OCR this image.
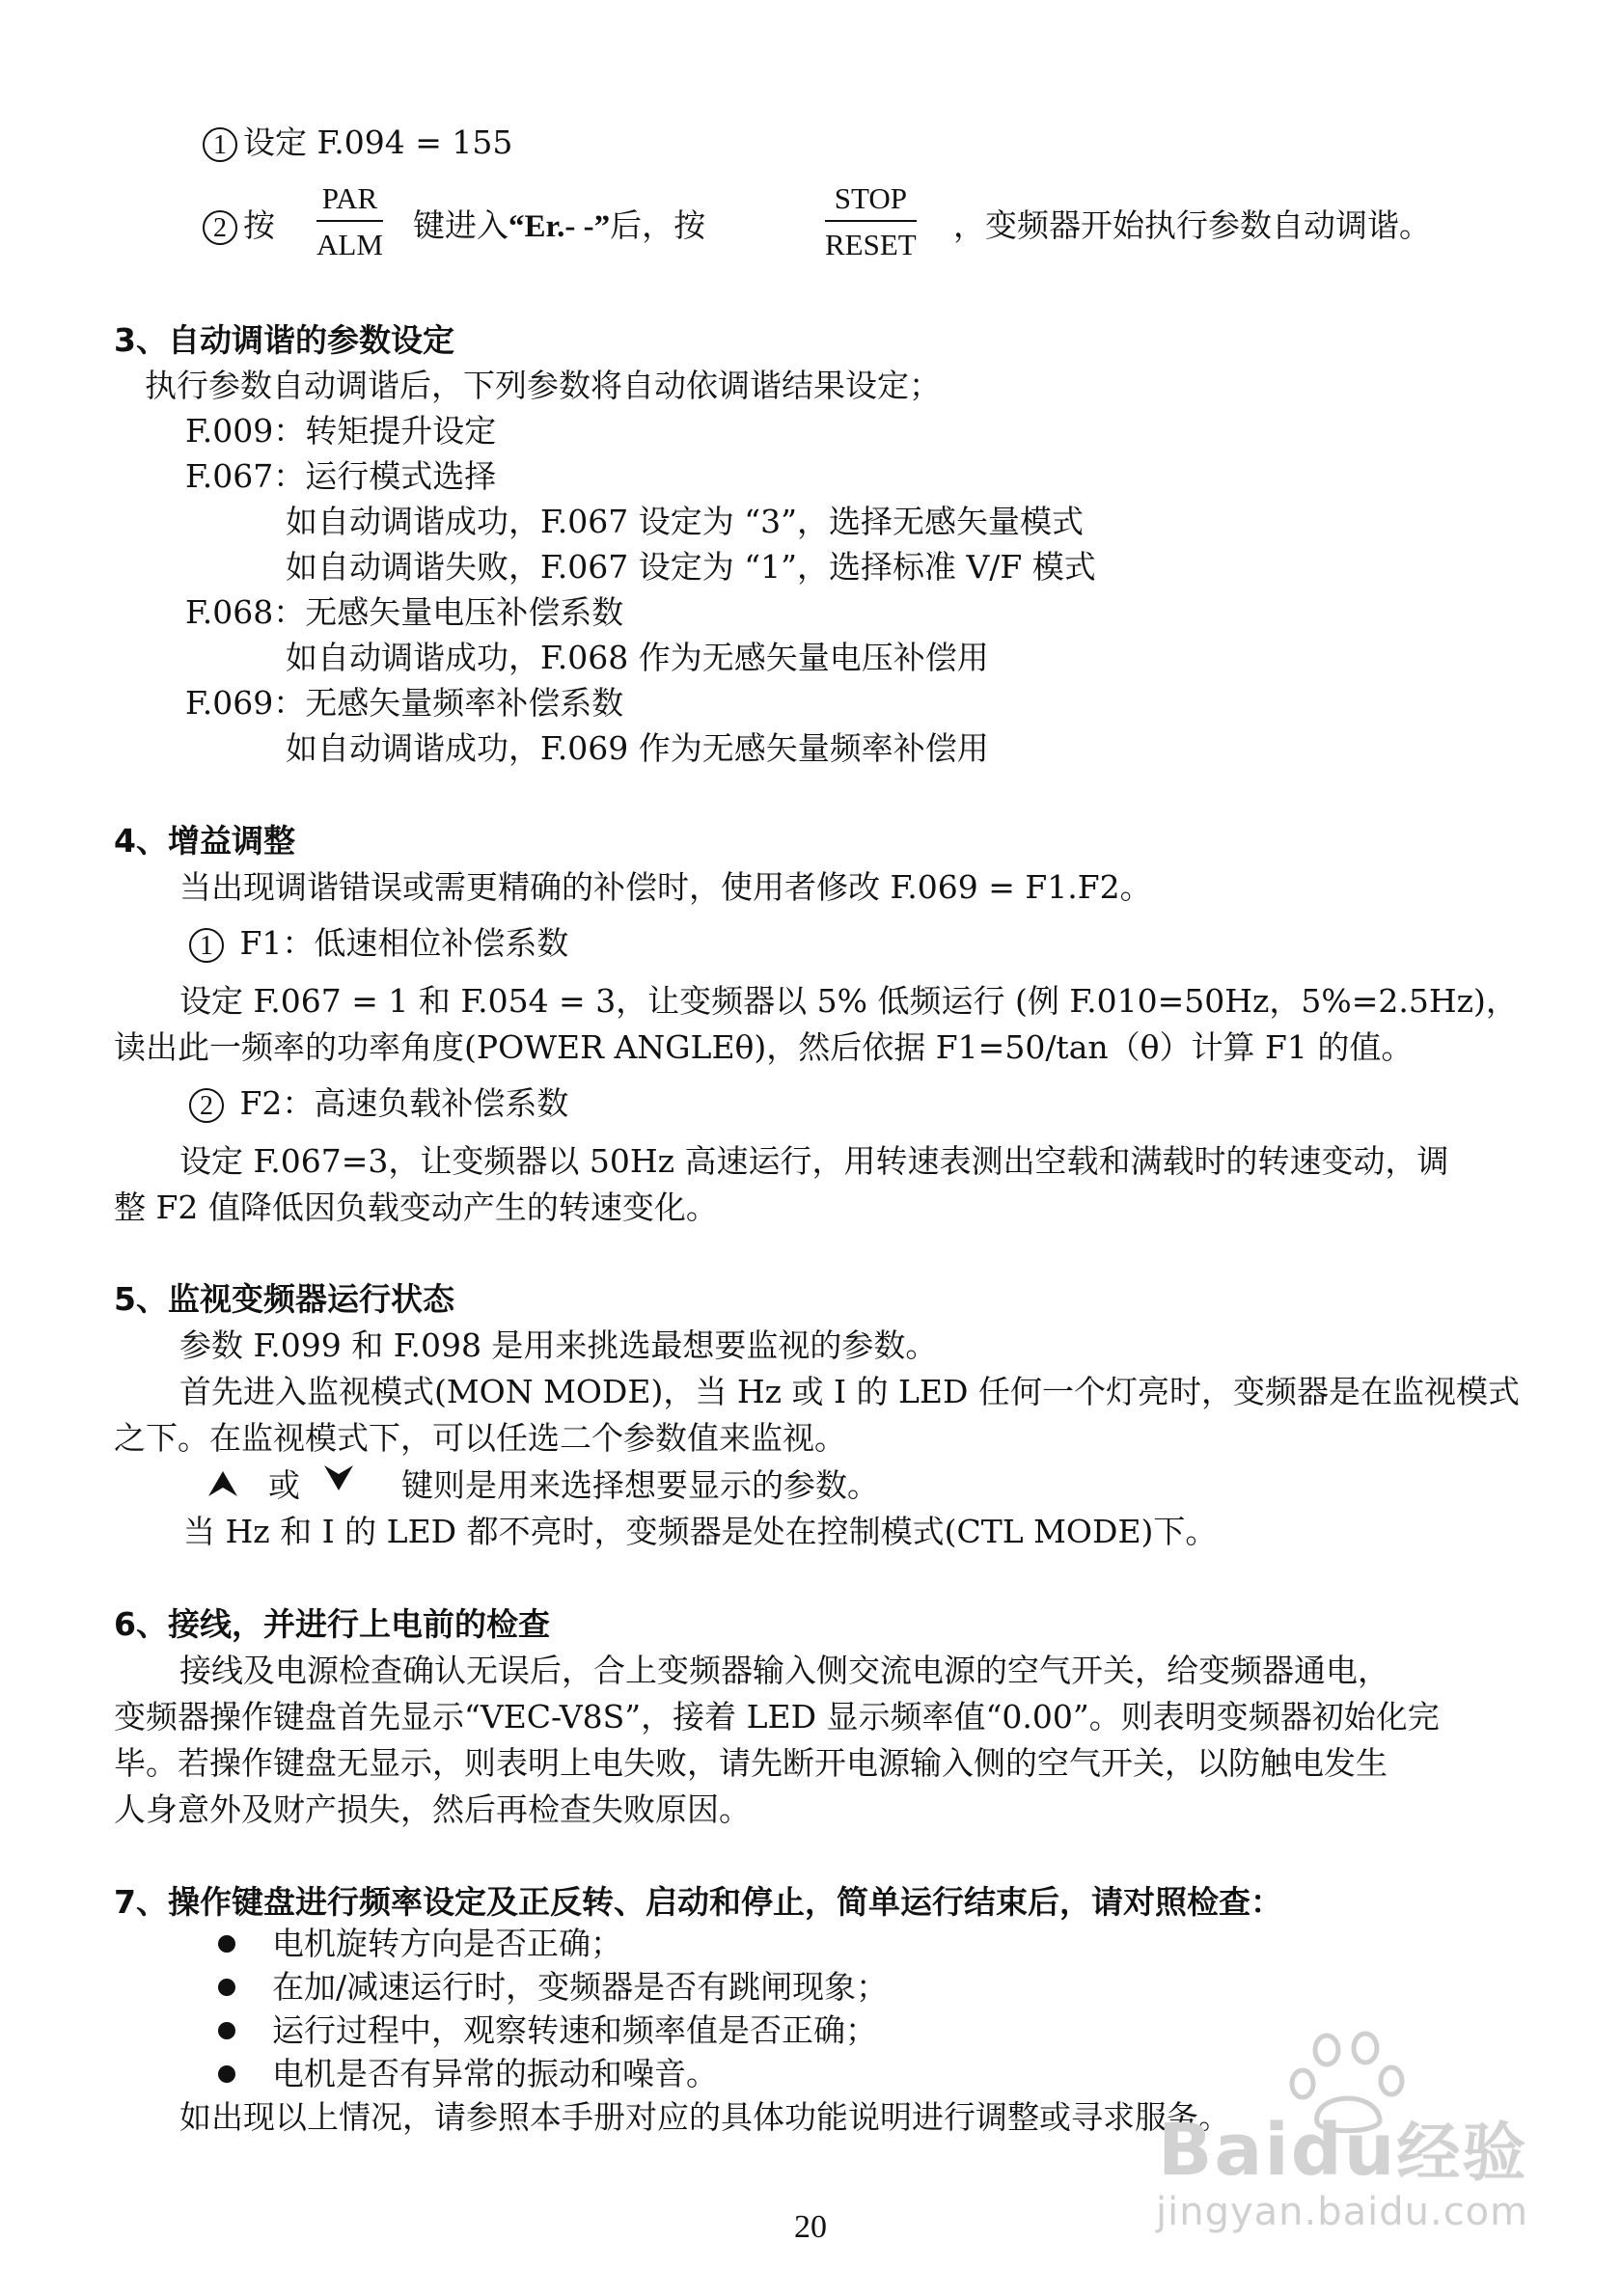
1 设定 F.094 = 155
2 按
PAR
ALM
键进入“Er.- -”后，按
STOP
RESET
，变频器开始执行参数自动调谐。
3、自动调谐的参数设定
执行参数自动调谐后，下列参数将自动依调谐结果设定；
F.009：转矩提升设定
F.067：运行模式选择
如自动调谐成功，F.067 设定为 “3”，选择无感矢量模式
如自动调谐失败，F.067 设定为 “1”，选择标准 V/F 模式
F.068：无感矢量电压补偿系数
如自动调谐成功，F.068 作为无感矢量电压补偿用
F.069：无感矢量频率补偿系数
如自动调谐成功，F.069 作为无感矢量频率补偿用
4、增益调整
当出现调谐错误或需更精确的补偿时，使用者修改 F.069 = F1.F2。
1 F1：低速相位补偿系数
设定 F.067 = 1 和 F.054 = 3，让变频器以 5% 低频运行 (例 F.010=50Hz，5%=2.5Hz)，
读出此一频率的功率角度(POWER ANGLEθ)，然后依据 F1=50/tan（θ）计算 F1 的值。
2 F2：高速负载补偿系数
设定 F.067=3，让变频器以 50Hz 高速运行，用转速表测出空载和满载时的转速变动，调
整 F2 值降低因负载变动产生的转速变化。
5、监视变频器运行状态
参数 F.099 和 F.098 是用来挑选最想要监视的参数。
首先进入监视模式(MON MODE)，当 Hz 或 I 的 LED 任何一个灯亮时，变频器是在监视模式
之下。在监视模式下，可以任选二个参数值来监视。
或	键则是用来选择想要显示的参数。
当 Hz 和 I 的 LED 都不亮时，变频器是处在控制模式(CTL MODE)下。
6、接线，并进行上电前的检查
接线及电源检查确认无误后，合上变频器输入侧交流电源的空气开关，给变频器通电，
变频器操作键盘首先显示“VEC-V8S”，接着 LED 显示频率值“0.00”。则表明变频器初始化完
毕。若操作键盘无显示，则表明上电失败，请先断开电源输入侧的空气开关，以防触电发生
人身意外及财产损失，然后再检查失败原因。
7、操作键盘进行频率设定及正反转、启动和停止，简单运行结束后，请对照检查：
电机旋转方向是否正确；
在加/减速运行时，变频器是否有跳闸现象；
运行过程中，观察转速和频率值是否正确；
电机是否有异常的振动和噪音。
如出现以上情况，请参照本手册对应的具体功能说明进行调整或寻求服务。
Baidu经验
jingyan.baidu.com
20
